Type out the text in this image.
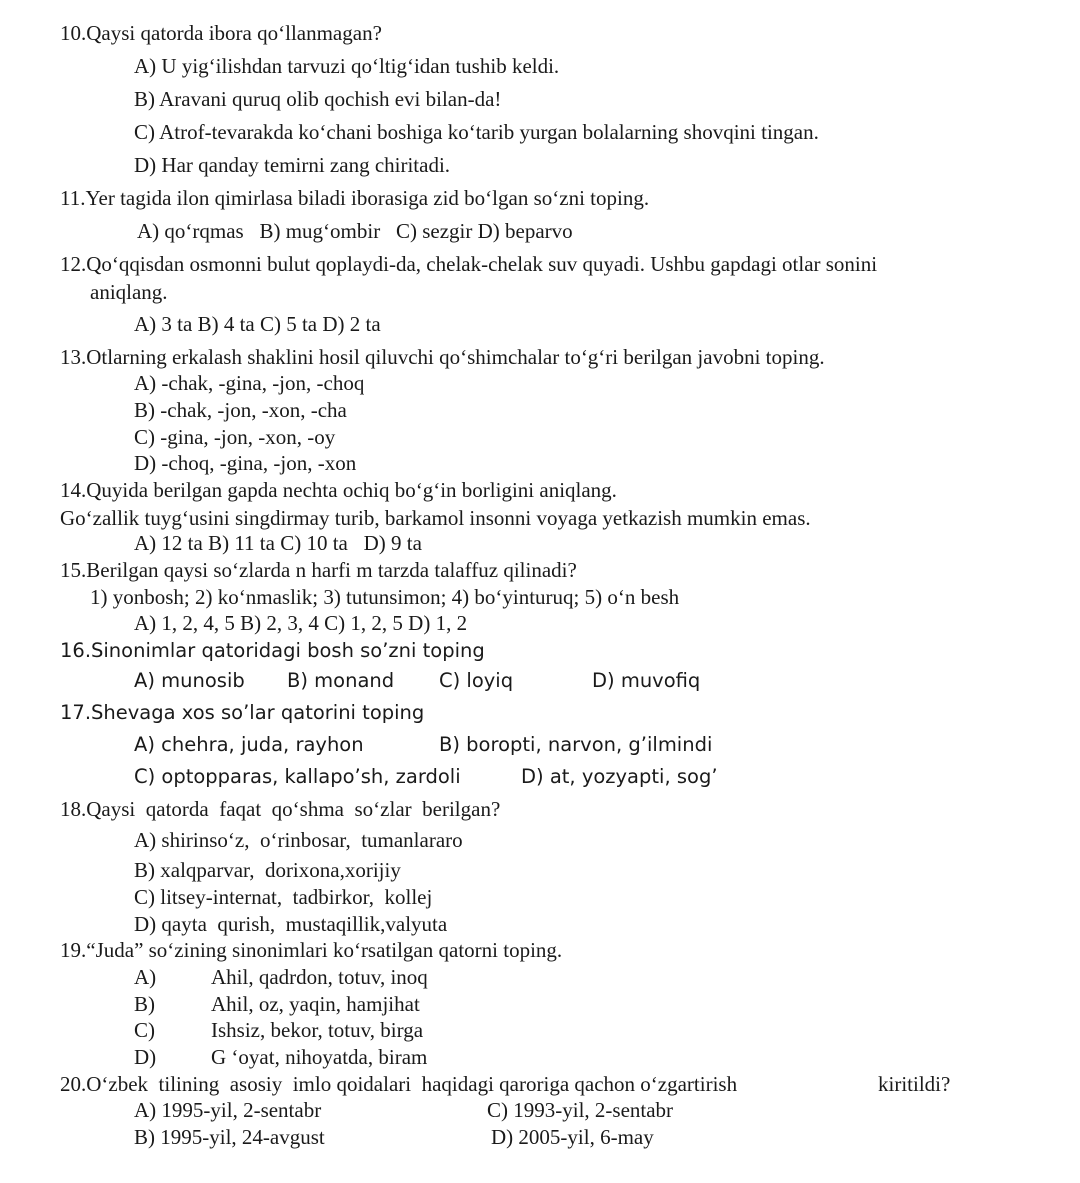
10.Qaysi qatorda ibora qo‘llanmagan?
A) U yig‘ilishdan tarvuzi qo‘ltig‘idan tushib keldi.
B) Aravani quruq olib qochish evi bilan-da!
C) Atrof-tevarakda ko‘chani boshiga ko‘tarib yurgan bolalarning shovqini tingan.
D) Har qanday temirni zang chiritadi.
11.Yer tagida ilon qimirlasa biladi iborasiga zid bo‘lgan so‘zni toping.
A) qo‘rqmas   B) mug‘ombir   C) sezgir D) beparvo
12.Qo‘qqisdan osmonni bulut qoplaydi-da, chelak-chelak suv quyadi. Ushbu gapdagi otlar sonini
aniqlang.
A) 3 ta B) 4 ta C) 5 ta D) 2 ta
13.Otlarning erkalash shaklini hosil qiluvchi qo‘shimchalar to‘g‘ri berilgan javobni toping.
A) -chak, -gina, -jon, -choq
B) -chak, -jon, -xon, -cha
C) -gina, -jon, -xon, -oy
D) -choq, -gina, -jon, -xon
14.Quyida berilgan gapda nechta ochiq bo‘g‘in borligini aniqlang.
Go‘zallik tuyg‘usini singdirmay turib, barkamol insonni voyaga yetkazish mumkin emas.
A) 12 ta B) 11 ta C) 10 ta   D) 9 ta
15.Berilgan qaysi so‘zlarda n harfi m tarzda talaffuz qilinadi?
1) yonbosh; 2) ko‘nmaslik; 3) tutunsimon; 4) bo‘yinturuq; 5) o‘n besh
A) 1, 2, 4, 5 B) 2, 3, 4 C) 1, 2, 5 D) 1, 2
16.Sinonimlar qatoridagi bosh so’zni toping
A) munosib B) monand C) loyiq	D) muvofiq
17.Shevaga xos so’lar qatorini toping
A) chehra, juda, rayhon	B) boropti, narvon, g’ilmindi
C) optopparas, kallapo’sh, zardoli	D) at, yozyapti, sog’
18.Qaysi  qatorda  faqat  qo‘shma  so‘zlar  berilgan?
A) shirinso‘z,  o‘rinbosar,  tumanlararo
B) xalqparvar,  dorixona,xorijiy
C) litsey-internat,  tadbirkor,  kollej
D) qayta  qurish,  mustaqillik,valyuta
19.“Juda” so‘zining sinonimlari ko‘rsatilgan qatorni toping.
A)	Ahil, qadrdon, totuv, inoq
B)	Ahil, oz, yaqin, hamjihat
C)	Ishsiz, bekor, totuv, birga
D)	G ‘oyat, nihoyatda, biram
20.O‘zbek  tilining  asosiy  imlo qoidalari  haqidagi qaroriga qachon o‘zgartirish	kiritildi?
A) 1995-yil, 2-sentabr	C) 1993-yil, 2-sentabr
B) 1995-yil, 24-avgust	D) 2005-yil, 6-may
